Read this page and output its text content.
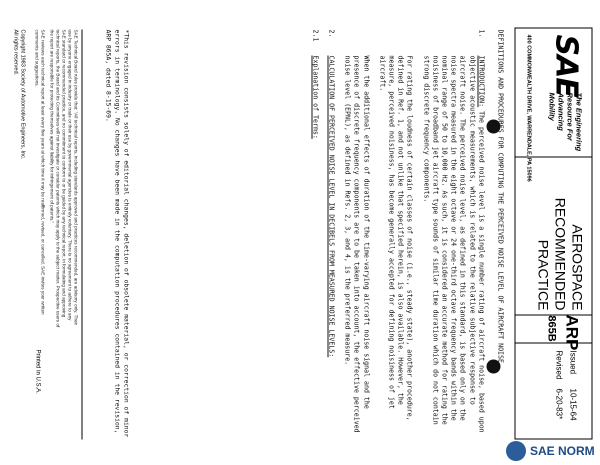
SAE
The Engineering
Resource For
Advancing Mobility
400 COMMONWEALTH DRIVE, WARRENDALE, PA 15096
AEROSPACE
RECOMMENDED
PRACTICE
ARP
865B
Issued10-15-64
Revised6-20-83*

DEFINITIONS AND PROCEDURES FOR COMPUTING THE PERCEIVED NOISE LEVEL OF AIRCRAFT NOISE

1.

INTRODUCTION: The perceived noise level is a single number rating of aircraft noise, based upon objective acoustic measurements, which is related to the relative subjective response to aircraft noise. The perceived noise level, as defined in this standard, is based only on the noise spectra measured in the eight octave or 24 one-third octave frequency bands within the nominal range of 50 to 10,000 Hz. As such, it is considered an accurate method for rating the noisiness of broadband jet aircraft type sounds of similar time duration which do not contain strong discrete frequency components.

For rating the loudness of certain classes of noise (i.e., steady state), another procedure, defined in Ref. 1, and not unlike that specified herein, is also available. However, the measure, perceived noisiness, has become generally accepted for defining noisiness of jet aircraft.

When the additional effects of duration of the time-varying aircraft noise signal and the presence of discrete frequency components are to be taken into account, the effective perceived noise level (EPNL), as defined in Refs. 2, 3, and 4, is the preferred measure.

2.

CALCULATION OF PERCEIVED NOISE LEVEL IN DECIBELS FROM MEASURED NOISE LEVELS:

2.1

Explanation of Terms:

*This revision consists solely of editorial changes, deletion of obsolete material, or correction of minor errors in terminology. No changes have been made in the computation procedures contained in the revision, ARP 865A, dated 8-15-69.
SAE Technical Board rules provide that: "All technical reports, including standards approved and practices recommended, are advisory only. Their use by anyone engaged in industry or trade or their use by governmental agencies is entirely voluntary. There is no agreement to adhere to any SAE standard or recommended practice, and no commitment to conform to or be guided by any technical report. In formulating and approving technical reports, the Board and its Committees will not investigate or consider patents which may apply to the subject matter. Prospective users of the report are responsible for protecting themselves against liability for infringement of patents."
SAE reviews each technical report at least every five years at which time it may be reaffirmed, revised, or cancelled. SAE invites your written comments and suggestions.
Printed in U.S.A.
Copyright 1983 Society of Automotive Engineers, Inc.
All rights reserved.
SAE NORM
